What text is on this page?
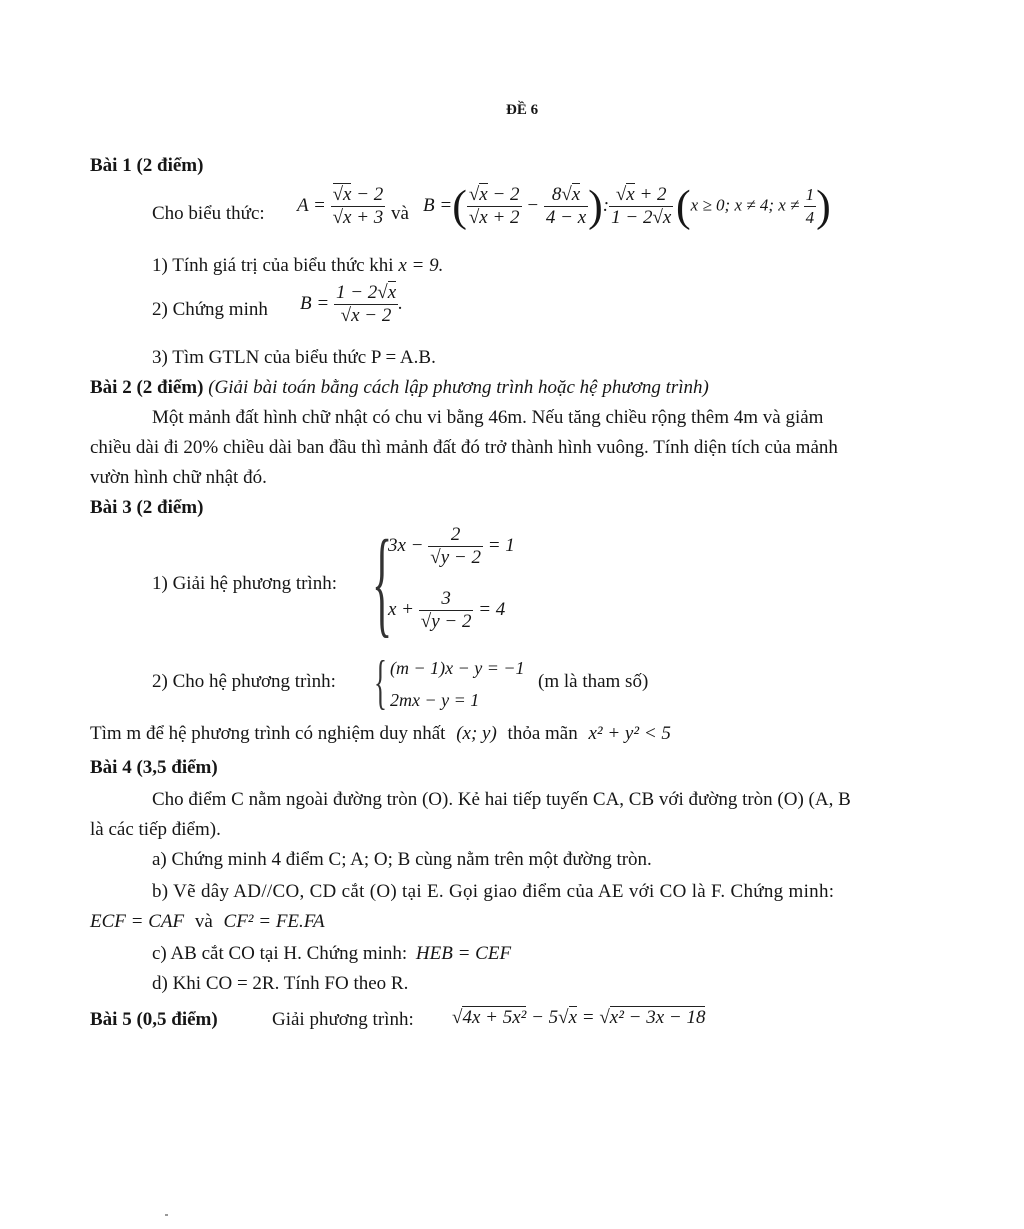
ĐỀ 6
Bài 1 (2 điểm)
Cho biểu thức: $A = \frac{√x - 2}{√x + 3}$ và B =( $\frac{√x - 2}{√x + 2} - \frac{8√x}{4 - x}$ ): $\frac{√x + 2}{1 - 2√x} (x \ge 0$; x ≠ 4; $x \ne \frac{1}{4}$ )
1) Tính giá trị của biểu thức khi x = 9.
2) Chứng minh $B = \frac{1 - 2√x}{√x - 2}$ .
3) Tìm GTLN của biểu thức P = A.B.
Bài 2 (2 điểm) (Giải bài toán bằng cách lập phương trình hoặc hệ phương trình)
Một mảnh đất hình chữ nhật có chu vi bằng 46m. Nếu tăng chiều rộng thêm 4m và giảm
chiều dài đi 20% chiều dài ban đầu thì mảnh đất đó trở thành hình vuông. Tính diện tích của mảnh
vườn hình chữ nhật đó.
Bài 3 (2 điểm)
1) Giải hệ phương trình: {
$3x - \frac{2}{√y - 2} = 1$
$x + \frac{3}{√y - 2} = 4$
2) Cho hệ phương trình: { (m − 1)x − y = −1
2mx − y = 1
(m là tham số)
Tìm m để hệ phương trình có nghiệm duy nhất (x; y) thỏa mãn x² + y² < 5
Bài 4 (3,5 điểm)
Cho điểm C nằm ngoài đường tròn (O). Kẻ hai tiếp tuyến CA, CB với đường tròn (O) (A, B
là các tiếp điểm).
a) Chứng minh 4 điểm C; A; O; B cùng nằm trên một đường tròn.
b) Vẽ dây AD//CO, CD cắt (O) tại E. Gọi giao điểm của AE với CO là F. Chứng minh:
ECF = CAF và CF² = FE.FA
c) AB cắt CO tại H. Chứng minh: HEB = CEF
d) Khi CO = 2R. Tính FO theo R.
Bài 5 (0,5 điểm)	Giải phương trình: √4x + 5x² − 5√x = √x² − 3x − 18
